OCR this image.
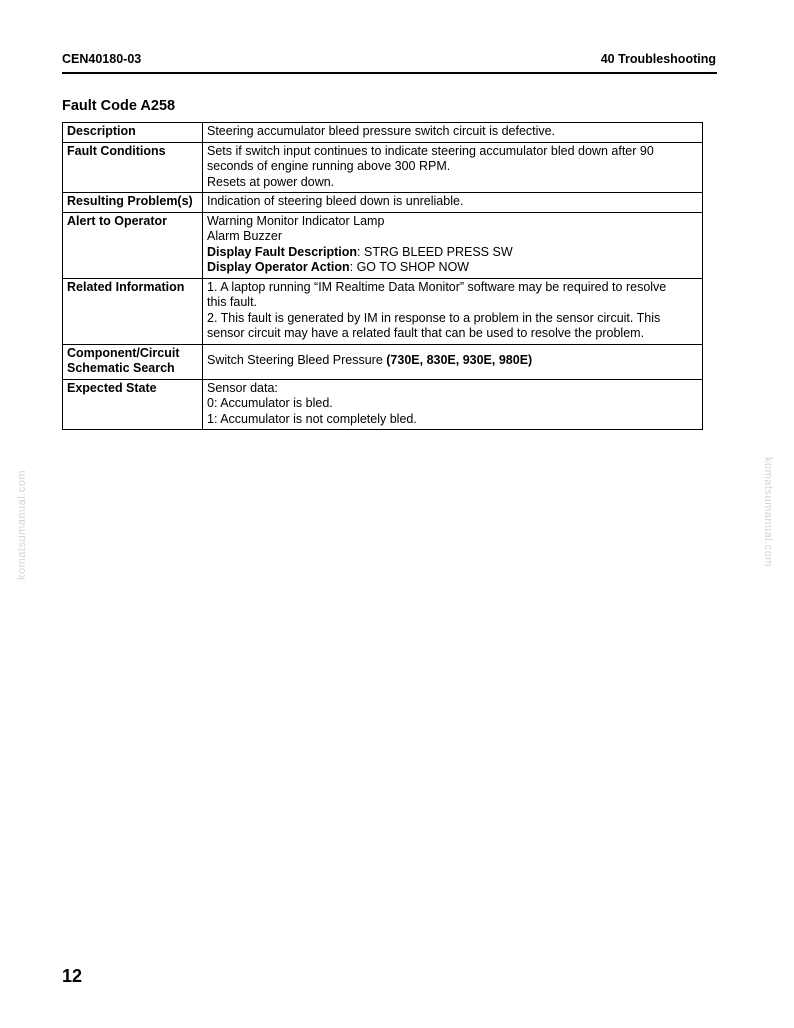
CEN40180-03	40 Troubleshooting
Fault Code A258
Description	Steering accumulator bleed pressure switch circuit is defective.
Fault Conditions	Sets if switch input continues to indicate steering accumulator bled down after 90
seconds of engine running above 300 RPM.
Resets at power down.

Resulting Problem(s)	Indication of steering bleed down is unreliable.
Alert to Operator	Warning Monitor Indicator Lamp
Alarm Buzzer
Display Fault Description: STRG BLEED PRESS SW
Display Operator Action: GO TO SHOP NOW

Related Information	1. A laptop running “IM Realtime Data Monitor” software may be required to resolve
this fault.
2. This fault is generated by IM in response to a problem in the sensor circuit. This
sensor circuit may have a related fault that can be used to resolve the problem.

Component/Circuit
Schematic Search	Switch Steering Bleed Pressure (730E, 830E, 930E, 980E)
Expected State	Sensor data:
0: Accumulator is bled.
1: Accumulator is not completely bled.
komatsumanual.com	komatsumanual.com
12
